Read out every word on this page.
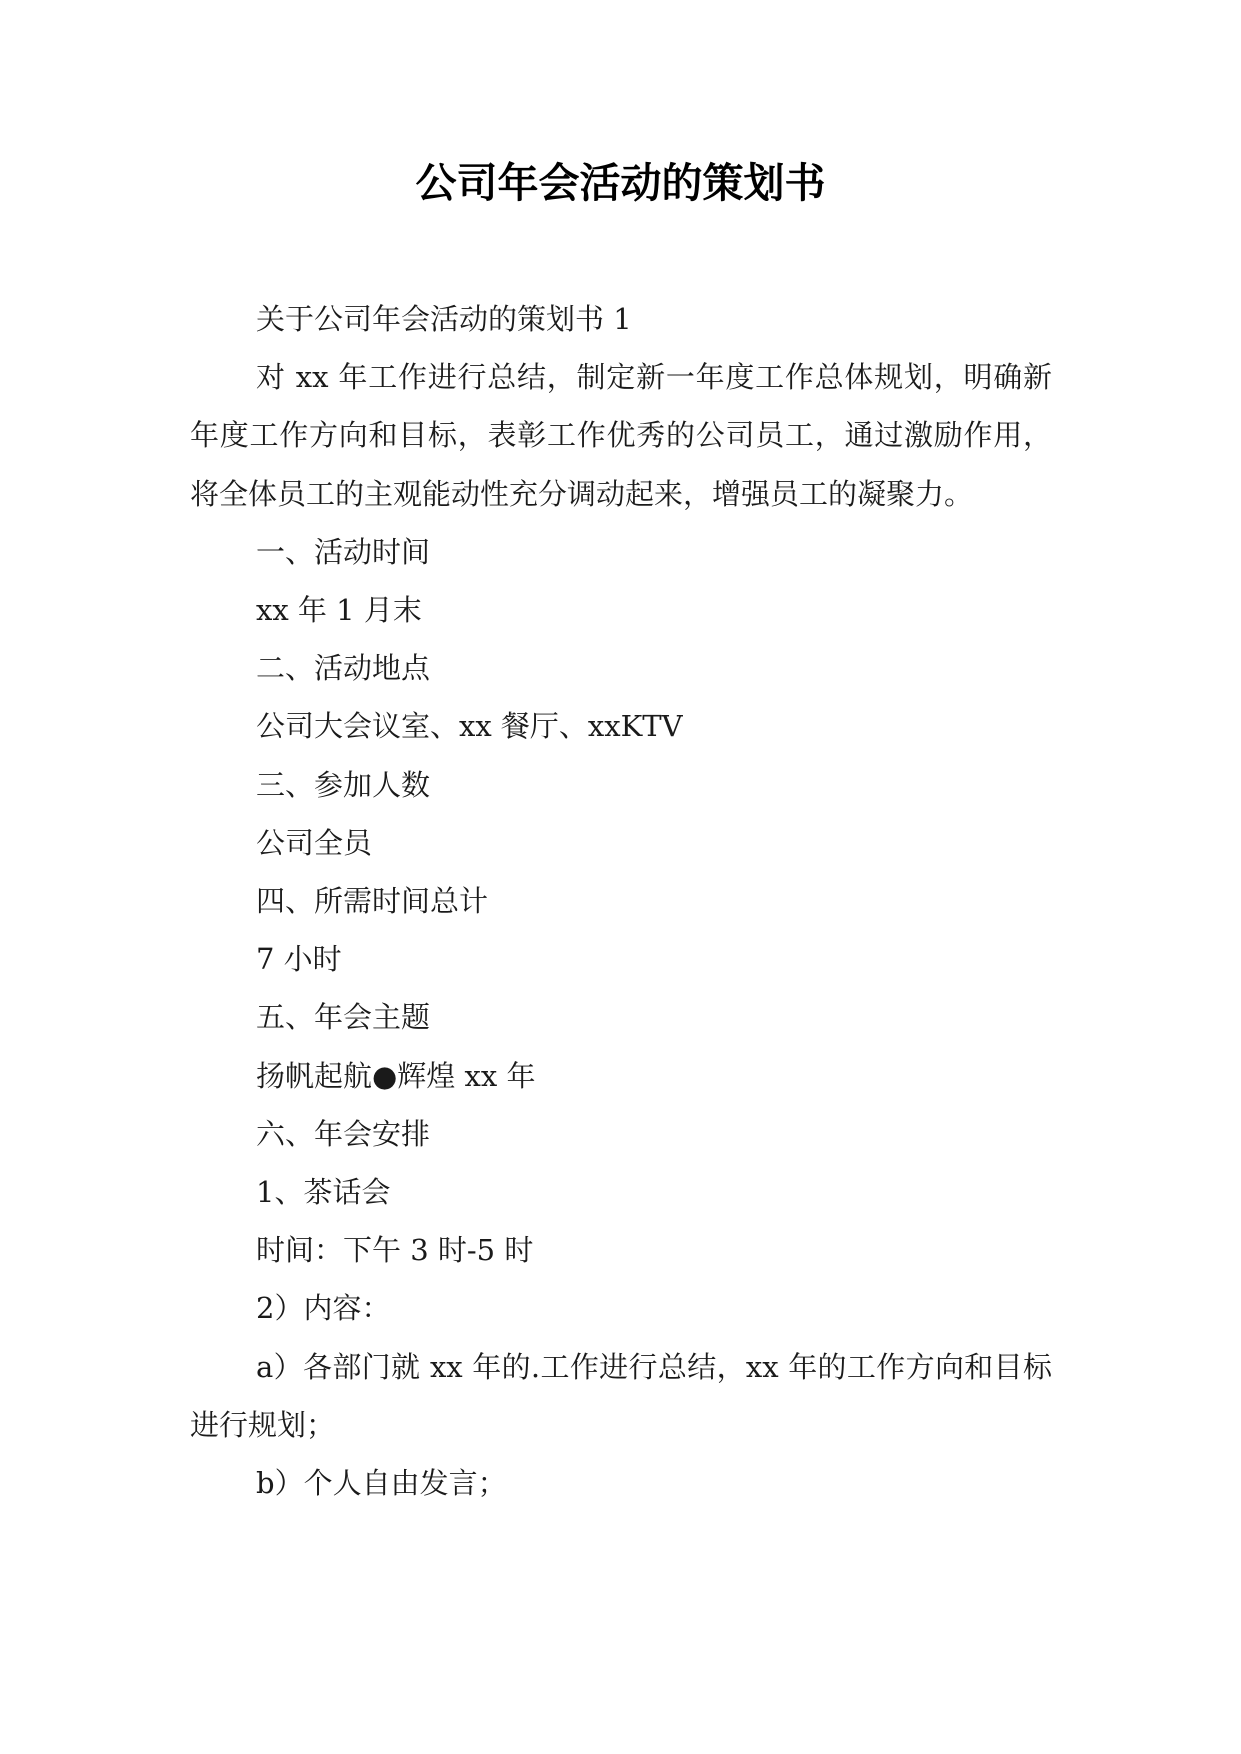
公司年会活动的策划书

关于公司年会活动的策划书 1

对 xx 年工作进行总结，制定新一年度工作总体规划，明确新年度工作方向和目标，表彰工作优秀的公司员工，通过激励作用，将全体员工的主观能动性充分调动起来，增强员工的凝聚力。

一、活动时间

xx 年 1 月末

二、活动地点

公司大会议室、xx 餐厅、xxKTV

三、参加人数

公司全员

四、所需时间总计

7 小时

五、年会主题

扬帆起航●辉煌 xx 年

六、年会安排

1、茶话会

时间：下午 3 时-5 时

2）内容：

a）各部门就 xx 年的.工作进行总结，xx 年的工作方向和目标进行规划；

b）个人自由发言；
